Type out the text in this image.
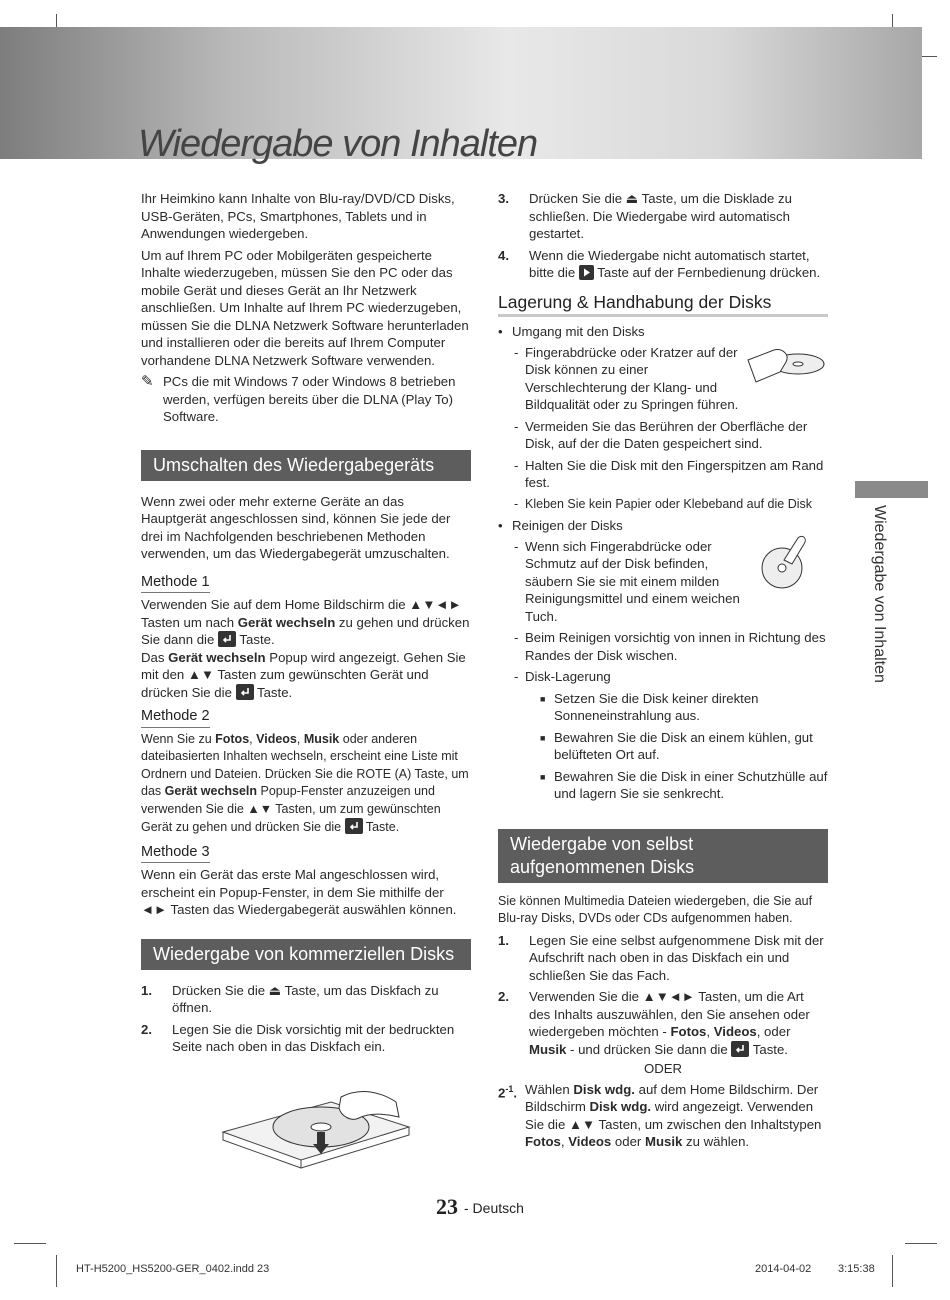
Wiedergabe von Inhalten
Wiedergabe von Inhalten

Ihr Heimkino kann Inhalte von Blu-ray/DVD/CD Disks, USB-Geräten, PCs, Smartphones, Tablets und in Anwendungen wiedergeben.

Um auf Ihrem PC oder Mobilgeräten gespeicherte Inhalte wiederzugeben, müssen Sie den PC oder das mobile Gerät und dieses Gerät an Ihr Netzwerk anschließen. Um Inhalte auf Ihrem PC wiederzugeben, müssen Sie die DLNA Netzwerk Software herunterladen und installieren oder die bereits auf Ihrem Computer vorhandene DLNA Netzwerk Software verwenden.

✎ PCs die mit Windows 7 oder Windows 8 betrieben werden, verfügen bereits über die DLNA (Play To) Software.
Umschalten des Wiedergabegeräts

Wenn zwei oder mehr externe Geräte an das Hauptgerät angeschlossen sind, können Sie jede der drei im Nachfolgenden beschriebenen Methoden verwenden, um das Wiedergabegerät umzuschalten.

Methode 1

Verwenden Sie auf dem Home Bildschirm die ▲▼◄► Tasten um nach Gerät wechseln zu gehen und drücken Sie dann die  Taste.
Das Gerät wechseln Popup wird angezeigt. Gehen Sie mit den ▲▼ Tasten zum gewünschten Gerät und drücken Sie die  Taste.

Methode 2

Wenn Sie zu Fotos, Videos, Musik oder anderen dateibasierten Inhalten wechseln, erscheint eine Liste mit Ordnern und Dateien. Drücken Sie die ROTE (A) Taste, um das Gerät wechseln Popup-Fenster anzuzeigen und verwenden Sie die ▲▼ Tasten, um zum gewünschten Gerät zu gehen und drücken Sie die  Taste.

Methode 3

Wenn ein Gerät das erste Mal angeschlossen wird, erscheint ein Popup-Fenster, in dem Sie mithilfe der ◄► Tasten das Wiedergabegerät auswählen können.

Wiedergabe von kommerziellen Disks
1.	Drücken Sie die ⏏ Taste, um das Diskfach zu öffnen.
2.	Legen Sie die Disk vorsichtig mit der bedruckten Seite nach oben in das Diskfach ein.
3.	Drücken Sie die ⏏ Taste, um die Disklade zu schließen. Die Wiedergabe wird automatisch gestartet.
4.	Wenn die Wiedergabe nicht automatisch startet, bitte die  Taste auf der Fernbedienung drücken.
Lagerung & Handhabung der Disks
• Umgang mit den Disks
- Fingerabdrücke oder Kratzer auf der Disk können zu einer Verschlechterung der Klang- und Bildqualität oder zu Springen führen.
- Vermeiden Sie das Berühren der Oberfläche der Disk, auf der die Daten gespeichert sind.
- Halten Sie die Disk mit den Fingerspitzen am Rand fest.
- Kleben Sie kein Papier oder Klebeband auf die Disk
• Reinigen der Disks
- Wenn sich Fingerabdrücke oder Schmutz auf der Disk befinden, säubern Sie sie mit einem milden Reinigungsmittel und einem weichen Tuch.
- Beim Reinigen vorsichtig von innen in Richtung des Randes der Disk wischen.
- Disk-Lagerung
■ Setzen Sie die Disk keiner direkten Sonneneinstrahlung aus.
■ Bewahren Sie die Disk an einem kühlen, gut belüfteten Ort auf.
■ Bewahren Sie die Disk in einer Schutzhülle auf und lagern Sie sie senkrecht.
Wiedergabe von selbst aufgenommenen Disks

Sie können Multimedia Dateien wiedergeben, die Sie auf Blu-ray Disks, DVDs oder CDs aufgenommen haben.

1.	Legen Sie eine selbst aufgenommene Disk mit der Aufschrift nach oben in das Diskfach ein und schließen Sie das Fach.
2.	Verwenden Sie die ▲▼◄► Tasten, um die Art des Inhalts auszuwählen, den Sie ansehen oder wiedergeben möchten - Fotos, Videos, oder Musik - und drücken Sie dann die  Taste.
ODER
$2^{-1}$. Wählen Disk wdg. auf dem Home Bildschirm. Der Bildschirm Disk wdg. wird angezeigt. Verwenden Sie die ▲▼ Tasten, um zwischen den Inhaltstypen Fotos, Videos oder Musik zu wählen.
23 - Deutsch
HT-H5200_HS5200-GER_0402.indd 23	2014-04-02 3:15:38
